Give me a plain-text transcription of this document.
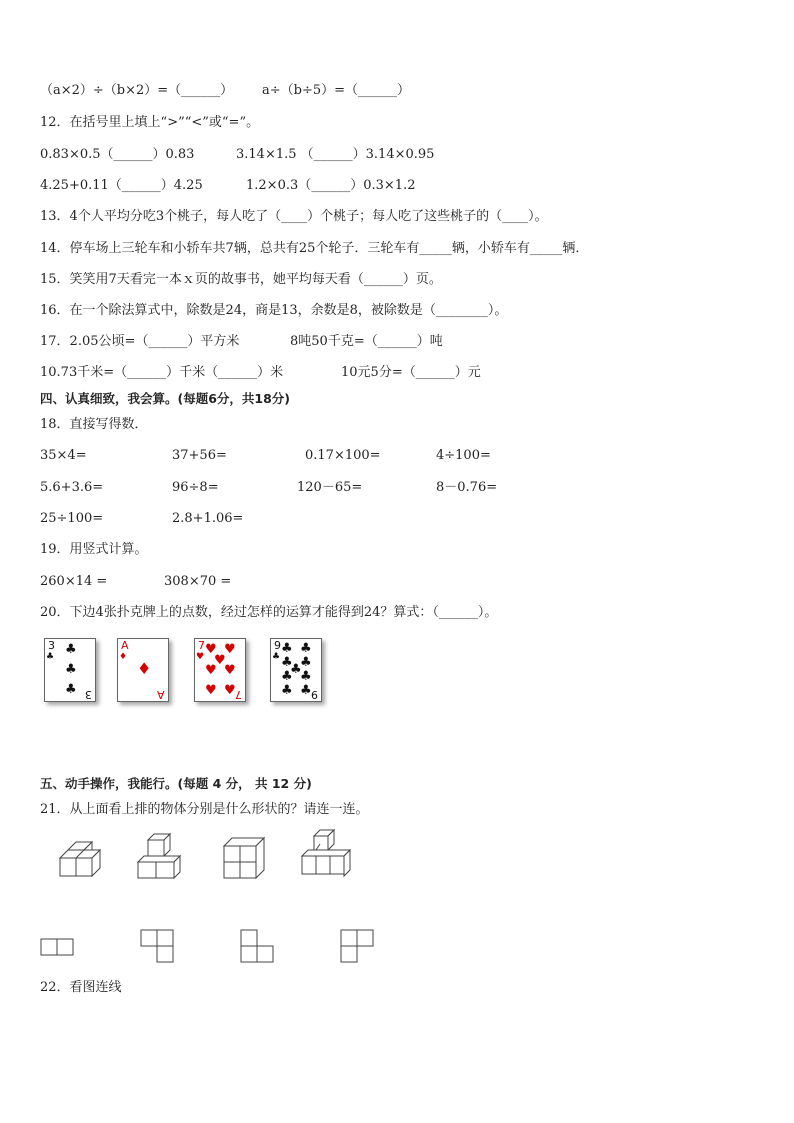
（a×2）÷（b×2）=（______） a÷（b÷5）=（______）
12．在括号里上填上“>”“<”或“=”。
0.83×0.5（______）0.83	3.14×1.5 （______）3.14×0.95
4.25+0.11（______）4.25	1.2×0.3（______）0.3×1.2
13．4个人平均分吃3个桃子，每人吃了（____）个桃子；每人吃了这些桃子的（____）。
14．停车场上三轮车和小轿车共7辆，总共有25个轮子．三轮车有_____辆，小轿车有_____辆．
15．笑笑用7天看完一本ｘ页的故事书，她平均每天看（______）页。
16．在一个除法算式中，除数是24，商是13，余数是8，被除数是（________）。
17．2.05公顷=（______）平方米	8吨50千克=（______）吨
10.73千米=（______）千米（______）米	10元5分=（______）元
四、认真细致，我会算。(每题6分，共18分)
18．直接写得数．
35×4=	37+56=	0.17×100=	4÷100=
5.6+3.6=	96÷8=	120－65=	8－0.76=
25÷100=	2.8+1.06=
19．用竖式计算。
260×14 =	308×70 =
20．下边4张扑克牌上的点数，经过怎样的运算才能得到24？算式：（______）。
3
♣ ♣
♣
♣ 3
A
♦
♦
A
7
♥ ♥ ♥
♥
♥ ♥
♥ ♥ 7
9
♣
♣ ♣
♣ ♣
♣
♣ ♣
♣ ♣ 9
五、动手操作，我能行。(每题 4 分， 共 12 分)
21．从上面看上排的物体分别是什么形状的？请连一连。
22．看图连线
